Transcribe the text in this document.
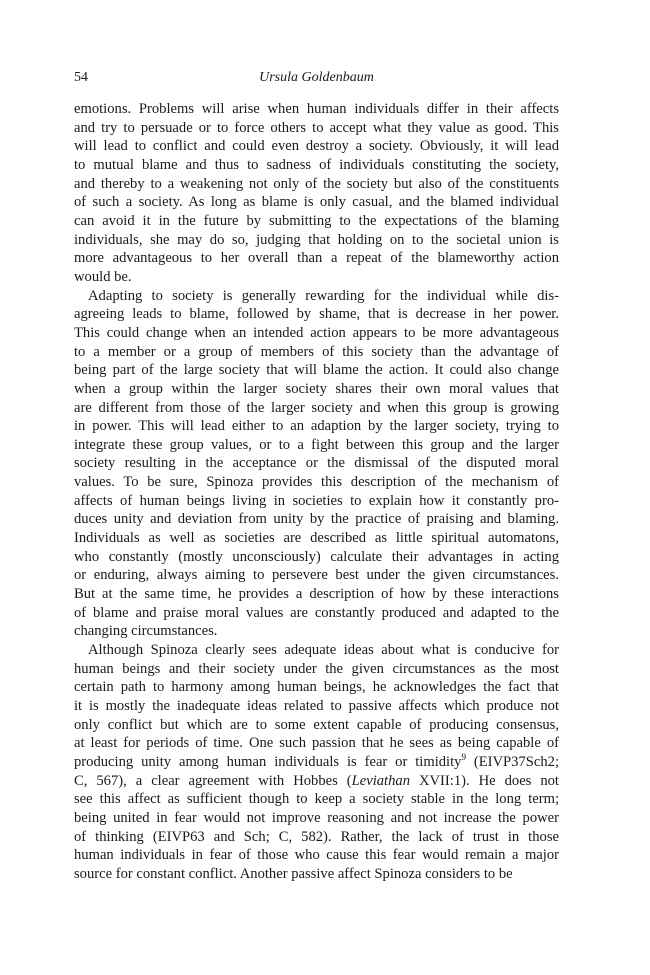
54	Ursula Goldenbaum
emotions. Problems will arise when human individuals differ in their affects
and try to persuade or to force others to accept what they value as good. This
will lead to conflict and could even destroy a society. Obviously, it will lead
to mutual blame and thus to sadness of individuals constituting the society,
and thereby to a weakening not only of the society but also of the constituents
of such a society. As long as blame is only casual, and the blamed individual
can avoid it in the future by submitting to the expectations of the blaming
individuals, she may do so, judging that holding on to the societal union is
more advantageous to her overall than a repeat of the blameworthy action
would be.
Adapting to society is generally rewarding for the individual while dis-
agreeing leads to blame, followed by shame, that is decrease in her power.
This could change when an intended action appears to be more advantageous
to a member or a group of members of this society than the advantage of
being part of the large society that will blame the action. It could also change
when a group within the larger society shares their own moral values that
are different from those of the larger society and when this group is growing
in power. This will lead either to an adaption by the larger society, trying to
integrate these group values, or to a fight between this group and the larger
society resulting in the acceptance or the dismissal of the disputed moral
values. To be sure, Spinoza provides this description of the mechanism of
affects of human beings living in societies to explain how it constantly pro-
duces unity and deviation from unity by the practice of praising and blaming.
Individuals as well as societies are described as little spiritual automatons,
who constantly (mostly unconsciously) calculate their advantages in acting
or enduring, always aiming to persevere best under the given circumstances.
But at the same time, he provides a description of how by these interactions
of blame and praise moral values are constantly produced and adapted to the
changing circumstances.
Although Spinoza clearly sees adequate ideas about what is conducive for
human beings and their society under the given circumstances as the most
certain path to harmony among human beings, he acknowledges the fact that
it is mostly the inadequate ideas related to passive affects which produce not
only conflict but which are to some extent capable of producing consensus,
at least for periods of time. One such passion that he sees as being capable of
producing unity among human individuals is fear or timidity$^9$ (EIVP37Sch2;
C, 567), a clear agreement with Hobbes (Leviathan XVII:1). He does not
see this affect as sufficient though to keep a society stable in the long term;
being united in fear would not improve reasoning and not increase the power
of thinking (EIVP63 and Sch; C, 582). Rather, the lack of trust in those
human individuals in fear of those who cause this fear would remain a major
source for constant conflict. Another passive affect Spinoza considers to be
